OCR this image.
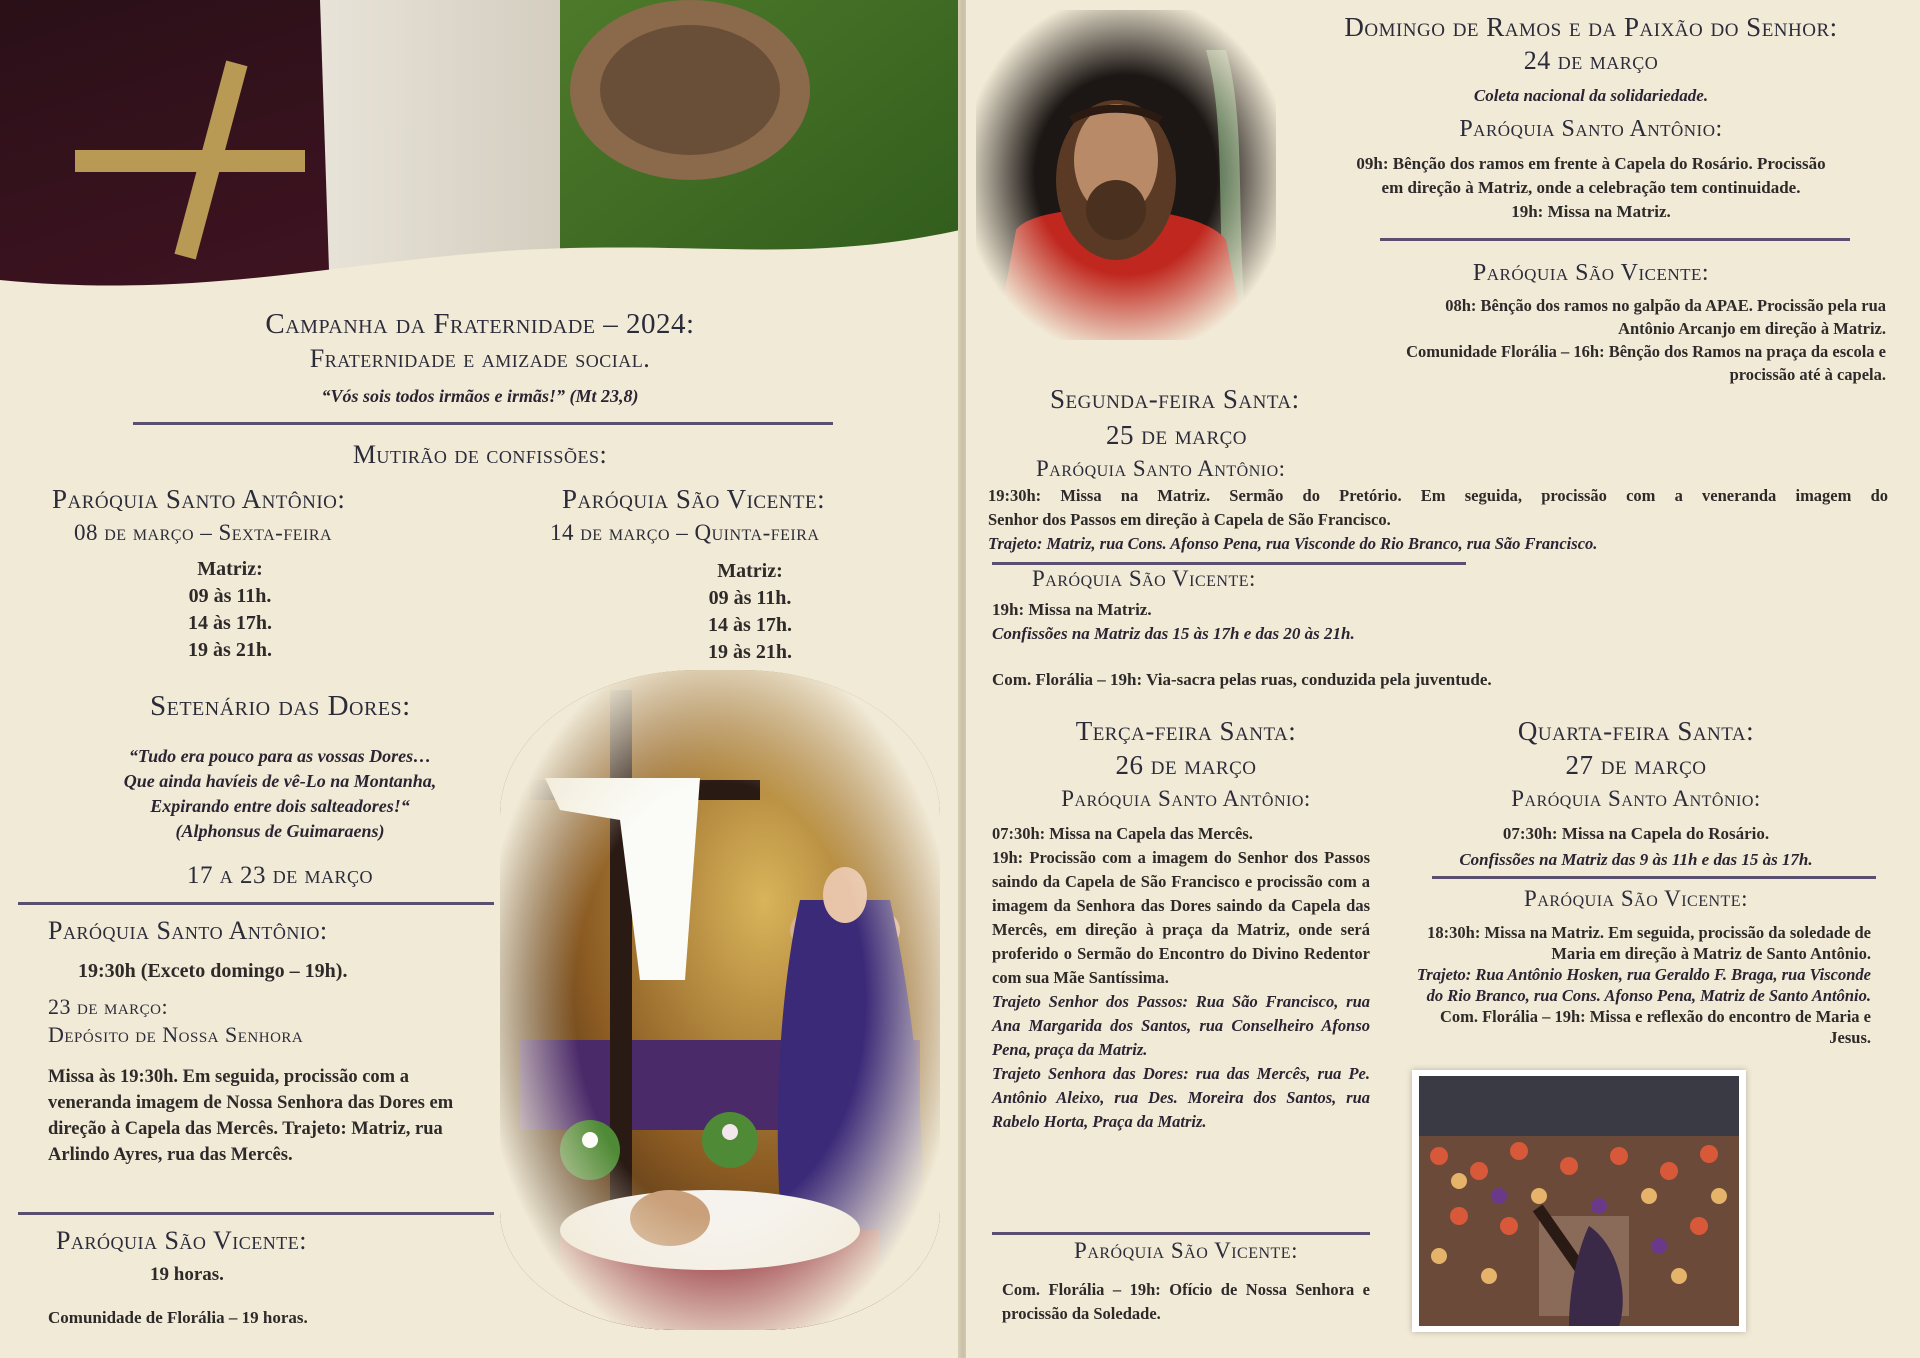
Campanha da Fraternidade – 2024:
Fraternidade e amizade social.
“Vós sois todos irmãos e irmãs!” (Mt 23,8)
Mutirão de confissões:
Paróquia Santo Antônio:
08 de março – Sexta-feira
Matriz:
09 às 11h.
14 às 17h.
19 às 21h.
Paróquia São Vicente:
14 de março – Quinta-feira
Matriz:
09 às 11h.
14 às 17h.
19 às 21h.
Setenário das Dores:
“Tudo era pouco para as vossas Dores…
Que ainda havíeis de vê-Lo na Montanha,
Expirando entre dois salteadores!“
(Alphonsus de Guimaraens)
17 a 23 de março
Paróquia Santo Antônio:
19:30h (Exceto domingo – 19h).
23 de março:
Depósito de Nossa Senhora
Missa às 19:30h. Em seguida, procissão com a veneranda imagem de Nossa Senhora das Dores em direção à Capela das Mercês. Trajeto: Matriz, rua Arlindo Ayres, rua das Mercês.
Paróquia São Vicente:
19 horas.
Comunidade de Florália – 19 horas.
Domingo de Ramos e da Paixão do Senhor:
24 de março
Coleta nacional da solidariedade.
Paróquia Santo Antônio:
09h: Bênção dos ramos em frente à Capela do Rosário. Procissão
em direção à Matriz, onde a celebração tem continuidade.
19h: Missa na Matriz.
Paróquia São Vicente:
08h: Bênção dos ramos no galpão da APAE. Procissão pela rua
Antônio Arcanjo em direção à Matriz.
Comunidade Florália – 16h: Bênção dos Ramos na praça da escola e
procissão até à capela.
Segunda-feira Santa:
25 de março
Paróquia Santo Antônio:
19:30h: Missa na Matriz. Sermão do Pretório. Em seguida, procissão com a veneranda imagem do
Senhor dos Passos em direção à Capela de São Francisco.
Trajeto: Matriz, rua Cons. Afonso Pena, rua Visconde do Rio Branco, rua São Francisco.
Paróquia São Vicente:
19h: Missa na Matriz.
Confissões na Matriz das 15 às 17h e das 20 às 21h.
Com. Florália – 19h: Via-sacra pelas ruas, conduzida pela juventude.
Terça-feira Santa:
26 de março
Paróquia Santo Antônio:
07:30h: Missa na Capela das Mercês.
19h: Procissão com a imagem do Senhor dos Passos saindo da Capela de São Francisco e procissão com a imagem da Senhora das Dores saindo da Capela das Mercês, em direção à praça da Matriz, onde será proferido o Sermão do Encontro do Divino Redentor com sua Mãe Santíssima.
Trajeto Senhor dos Passos: Rua São Francisco, rua Ana Margarida dos Santos, rua Conselheiro Afonso Pena, praça da Matriz.
Trajeto Senhora das Dores: rua das Mercês, rua Pe. Antônio Aleixo, rua Des. Moreira dos Santos, rua Rabelo Horta, Praça da Matriz.
Paróquia São Vicente:
Com. Florália – 19h: Ofício de Nossa Senhora e procissão da Soledade.
Quarta-feira Santa:
27 de março
Paróquia Santo Antônio:
07:30h: Missa na Capela do Rosário.
Confissões na Matriz das 9 às 11h e das 15 às 17h.
Paróquia São Vicente:
18:30h: Missa na Matriz. Em seguida, procissão da soledade de Maria em direção à Matriz de Santo Antônio.
Trajeto: Rua Antônio Hosken, rua Geraldo F. Braga, rua Visconde do Rio Branco, rua Cons. Afonso Pena, Matriz de Santo Antônio.
Com. Florália – 19h: Missa e reflexão do encontro de Maria e Jesus.
